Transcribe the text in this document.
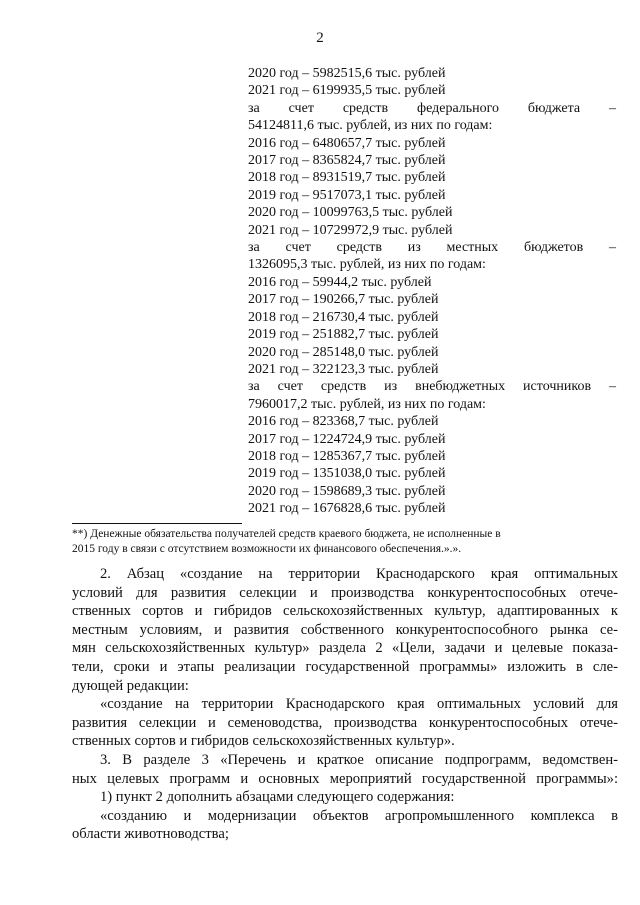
2
2020 год – 5982515,6 тыс. рублей
2021 год – 6199935,5 тыс. рублей
за счет средств федерального бюджета –
54124811,6 тыс. рублей, из них по годам:
2016 год – 6480657,7 тыс. рублей
2017 год – 8365824,7 тыс. рублей
2018 год – 8931519,7 тыс. рублей
2019 год – 9517073,1 тыс. рублей
2020 год – 10099763,5 тыс. рублей
2021 год – 10729972,9 тыс. рублей
за счет средств из местных бюджетов –
1326095,3 тыс. рублей, из них по годам:
2016 год – 59944,2 тыс. рублей
2017 год – 190266,7 тыс. рублей
2018 год – 216730,4 тыс. рублей
2019 год – 251882,7 тыс. рублей
2020 год – 285148,0 тыс. рублей
2021 год – 322123,3 тыс. рублей
за счет средств из внебюджетных источников –
7960017,2 тыс. рублей, из них по годам:
2016 год – 823368,7 тыс. рублей
2017 год – 1224724,9 тыс. рублей
2018 год – 1285367,7 тыс. рублей
2019 год – 1351038,0 тыс. рублей
2020 год – 1598689,3 тыс. рублей
2021 год – 1676828,6 тыс. рублей
**) Денежные обязательства получателей средств краевого бюджета, не исполненные в
2015 году в связи с отсутствием возможности их финансового обеспечения.».».
2. Абзац «создание на территории Краснодарского края оптимальных
условий для развития селекции и производства конкурентоспособных отече-
ственных сортов и гибридов сельскохозяйственных культур, адаптированных к
местным условиям, и развития собственного конкурентоспособного рынка се-
мян сельскохозяйственных культур» раздела 2 «Цели, задачи и целевые показа-
тели, сроки и этапы реализации государственной программы» изложить в сле-
дующей редакции:
«создание на территории Краснодарского края оптимальных условий для
развития селекции и семеноводства, производства конкурентоспособных отече-
ственных сортов и гибридов сельскохозяйственных культур».
3. В разделе 3 «Перечень и краткое описание подпрограмм, ведомствен-
ных целевых программ и основных мероприятий государственной программы»:
1) пункт 2 дополнить абзацами следующего содержания:
«созданию и модернизации объектов агропромышленного комплекса в
области животноводства;
